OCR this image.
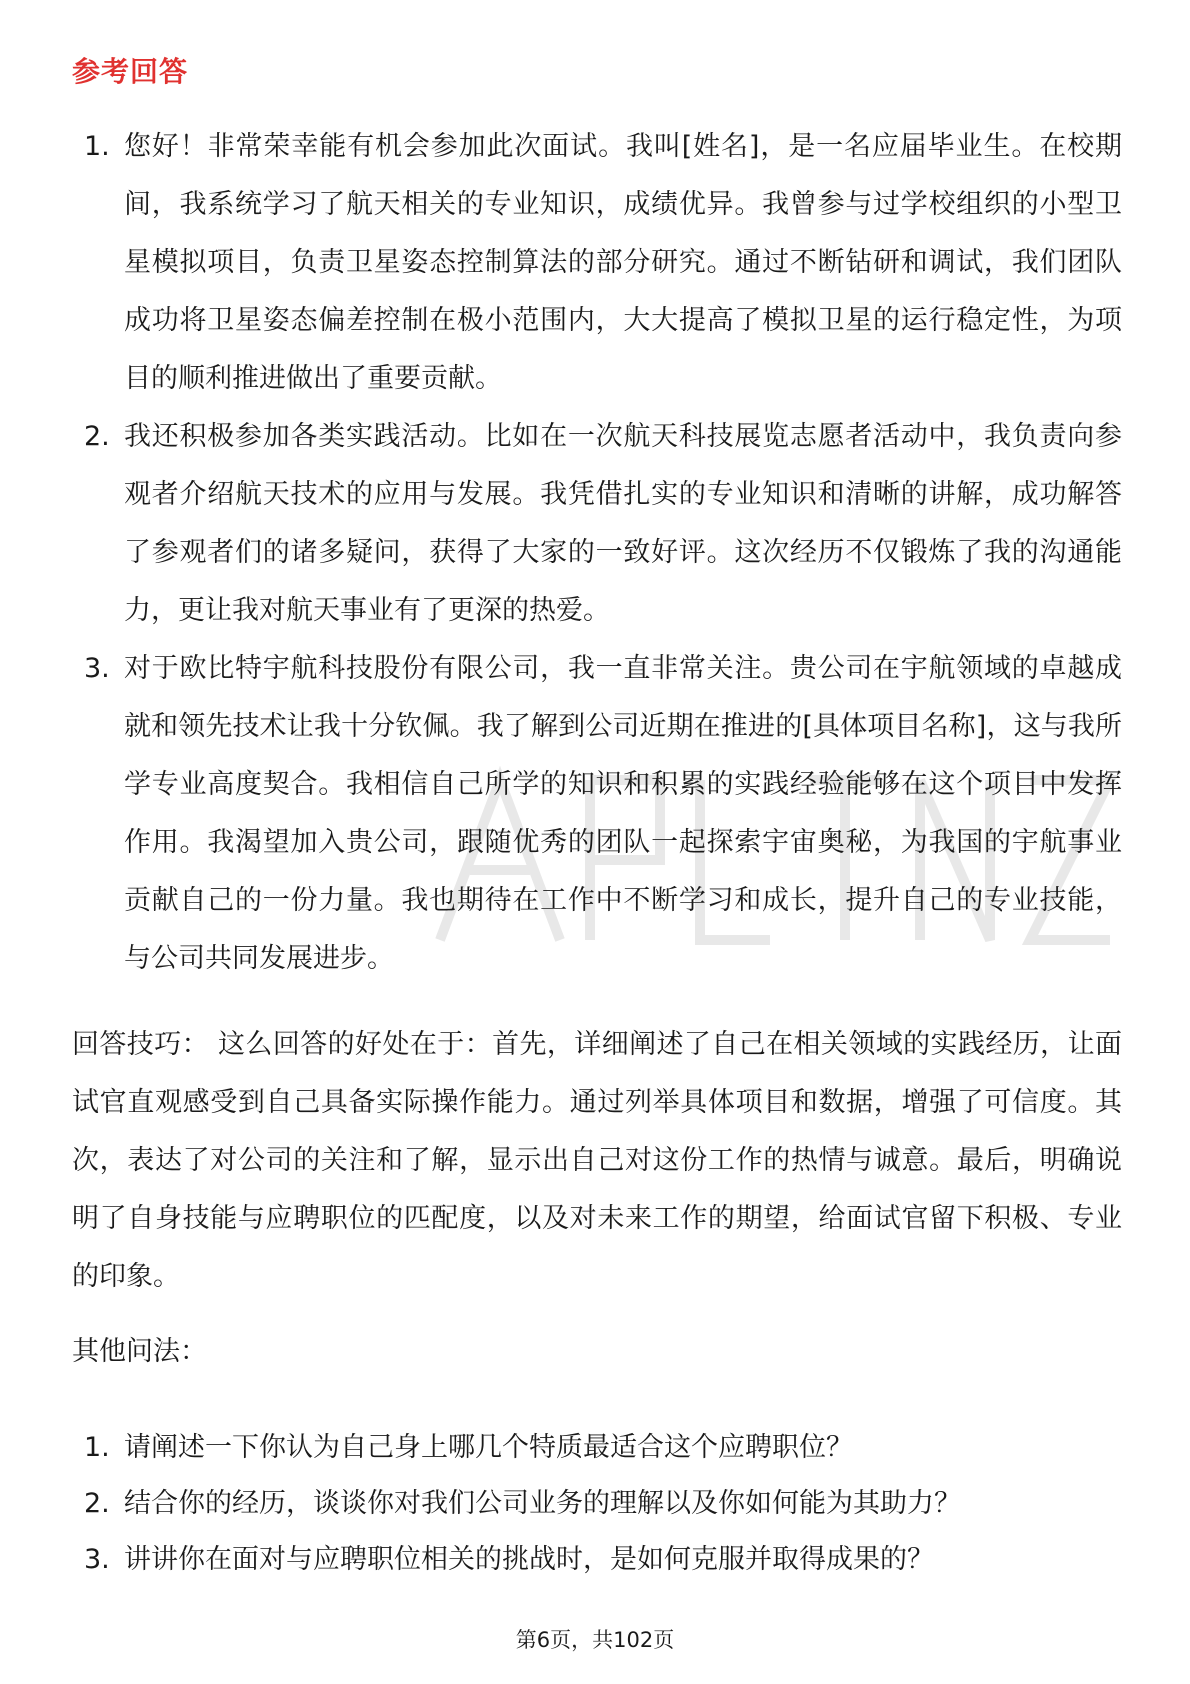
参考回答
1. 您好！非常荣幸能有机会参加此次面试。我叫[姓名]，是一名应届毕业生。在校期间，我系统学习了航天相关的专业知识，成绩优异。我曾参与过学校组织的小型卫星模拟项目，负责卫星姿态控制算法的部分研究。通过不断钻研和调试，我们团队成功将卫星姿态偏差控制在极小范围内，大大提高了模拟卫星的运行稳定性，为项目的顺利推进做出了重要贡献。
2. 我还积极参加各类实践活动。比如在一次航天科技展览志愿者活动中，我负责向参观者介绍航天技术的应用与发展。我凭借扎实的专业知识和清晰的讲解，成功解答了参观者们的诸多疑问，获得了大家的一致好评。这次经历不仅锻炼了我的沟通能力，更让我对航天事业有了更深的热爱。
3. 对于欧比特宇航科技股份有限公司，我一直非常关注。贵公司在宇航领域的卓越成就和领先技术让我十分钦佩。我了解到公司近期在推进的[具体项目名称]，这与我所学专业高度契合。我相信自己所学的知识和积累的实践经验能够在这个项目中发挥作用。我渴望加入贵公司，跟随优秀的团队一起探索宇宙奥秘，为我国的宇航事业贡献自己的一份力量。我也期待在工作中不断学习和成长，提升自己的专业技能，与公司共同发展进步。

回答技巧： 这么回答的好处在于：首先，详细阐述了自己在相关领域的实践经历，让面试官直观感受到自己具备实际操作能力。通过列举具体项目和数据，增强了可信度。其次，表达了对公司的关注和了解，显示出自己对这份工作的热情与诚意。最后，明确说明了自身技能与应聘职位的匹配度，以及对未来工作的期望，给面试官留下积极、专业的印象。

其他问法：

1. 请阐述一下你认为自己身上哪几个特质最适合这个应聘职位？
2. 结合你的经历，谈谈你对我们公司业务的理解以及你如何能为其助力？
3. 讲讲你在面对与应聘职位相关的挑战时，是如何克服并取得成果的？
第6页，共102页
